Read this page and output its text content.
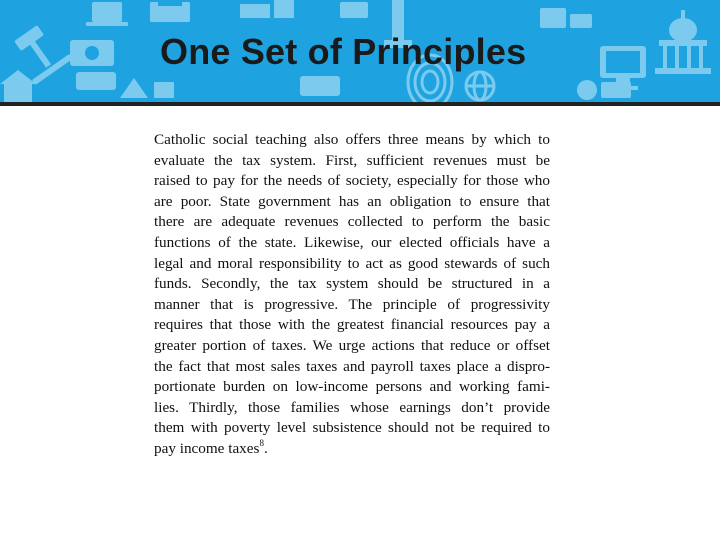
One Set of Principles
Catholic social teaching also offers three means by which to
evaluate the tax system. First, sufficient revenues must be
raised to pay for the needs of society, especially for those who
are poor. State government has an obligation to ensure that
there are adequate revenues collected to perform the basic
functions of the state. Likewise, our elected officials have a
legal and moral responsibility to act as good stewards of such
funds. Secondly, the tax system should be structured in a
manner that is progressive. The principle of progressivity
requires that those with the greatest financial resources pay a
greater portion of taxes. We urge actions that reduce or offset
the fact that most sales taxes and payroll taxes place a dispro-
portionate burden on low-income persons and working fami-
lies. Thirdly, those families whose earnings don’t provide
them with poverty level subsistence should not be required to
pay income taxes$^8$.
